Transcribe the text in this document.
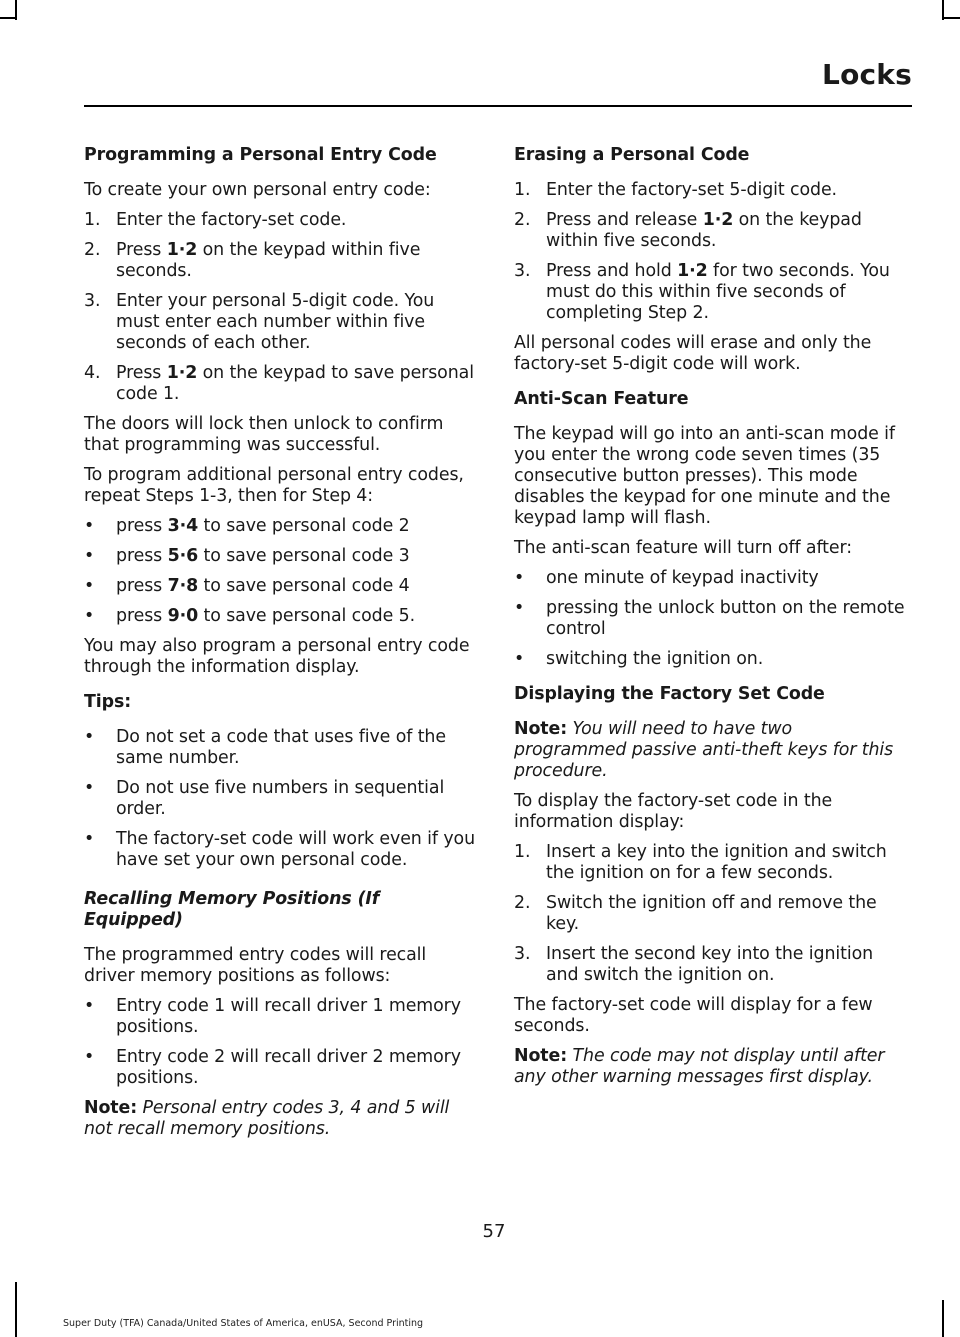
Locks
Programming a Personal Entry Code

To create your own personal entry code:

1. Enter the factory-set code.
2. Press 1·2 on the keypad within five seconds.
3. Enter your personal 5-digit code. You must enter each number within five seconds of each other.
4. Press 1·2 on the keypad to save personal code 1.

The doors will lock then unlock to confirm that programming was successful.

To program additional personal entry codes, repeat Steps 1-3, then for Step 4:

• press 3·4 to save personal code 2
• press 5·6 to save personal code 3
• press 7·8 to save personal code 4
• press 9·0 to save personal code 5.

You may also program a personal entry code through the information display.

Tips:
• Do not set a code that uses five of the same number.
• Do not use five numbers in sequential order.
• The factory-set code will work even if you have set your own personal code.
Recalling Memory Positions (If Equipped)

The programmed entry codes will recall driver memory positions as follows:

• Entry code 1 will recall driver 1 memory positions.
• Entry code 2 will recall driver 2 memory positions.

Note: Personal entry codes 3, 4 and 5 will not recall memory positions.

Erasing a Personal Code
1. Enter the factory-set 5-digit code.
2. Press and release 1·2 on the keypad within five seconds.
3. Press and hold 1·2 for two seconds. You must do this within five seconds of completing Step 2.

All personal codes will erase and only the factory-set 5-digit code will work.

Anti-Scan Feature

The keypad will go into an anti-scan mode if you enter the wrong code seven times (35 consecutive button presses). This mode disables the keypad for one minute and the keypad lamp will flash.

The anti-scan feature will turn off after:

• one minute of keypad inactivity
• pressing the unlock button on the remote control
• switching the ignition on.
Displaying the Factory Set Code

Note: You will need to have two programmed passive anti-theft keys for this procedure.

To display the factory-set code in the information display:

1. Insert a key into the ignition and switch the ignition on for a few seconds.
2. Switch the ignition off and remove the key.
3. Insert the second key into the ignition and switch the ignition on.

The factory-set code will display for a few seconds.

Note: The code may not display until after any other warning messages first display.

57
Super Duty (TFA) Canada/United States of America, enUSA, Second Printing
